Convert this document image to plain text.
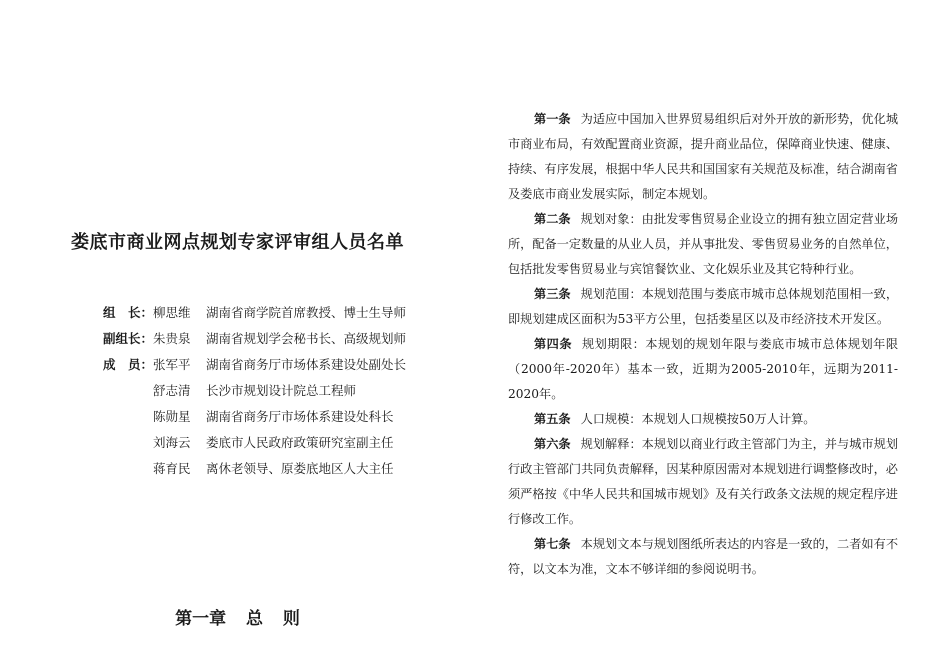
娄底市商业网点规划专家评审组人员名单
组　长： 柳思维	湖南省商学院首席教授、博士生导师
副组长： 朱贵泉	湖南省规划学会秘书长、高级规划师
成　员： 张军平	湖南省商务厅市场体系建设处副处长
舒志清	长沙市规划设计院总工程师
陈勋星	湖南省商务厅市场体系建设处科长
刘海云	娄底市人民政府政策研究室副主任
蒋育民	离休老领导、原娄底地区人大主任
第一章 总 则

第一条 为适应中国加入世界贸易组织后对外开放的新形势，优化城市商业布局，有效配置商业资源，提升商业品位，保障商业快速、健康、持续、有序发展，根据中华人民共和国国家有关规范及标准，结合湖南省及娄底市商业发展实际，制定本规划。

第二条 规划对象：由批发零售贸易企业设立的拥有独立固定营业场所，配备一定数量的从业人员，并从事批发、零售贸易业务的自然单位，包括批发零售贸易业与宾馆餐饮业、文化娱乐业及其它特种行业。

第三条 规划范围：本规划范围与娄底市城市总体规划范围相一致，即规划建成区面积为53平方公里，包括娄星区以及市经济技术开发区。

第四条 规划期限：本规划的规划年限与娄底市城市总体规划年限（2000年-2020年）基本一致，近期为2005-2010年，远期为2011-2020年。

第五条 人口规模：本规划人口规模按50万人计算。

第六条 规划解释：本规划以商业行政主管部门为主，并与城市规划行政主管部门共同负责解释，因某种原因需对本规划进行调整修改时，必须严格按《中华人民共和国城市规划》及有关行政条文法规的规定程序进行修改工作。

第七条 本规划文本与规划图纸所表达的内容是一致的，二者如有不符，以文本为准，文本不够详细的参阅说明书。
